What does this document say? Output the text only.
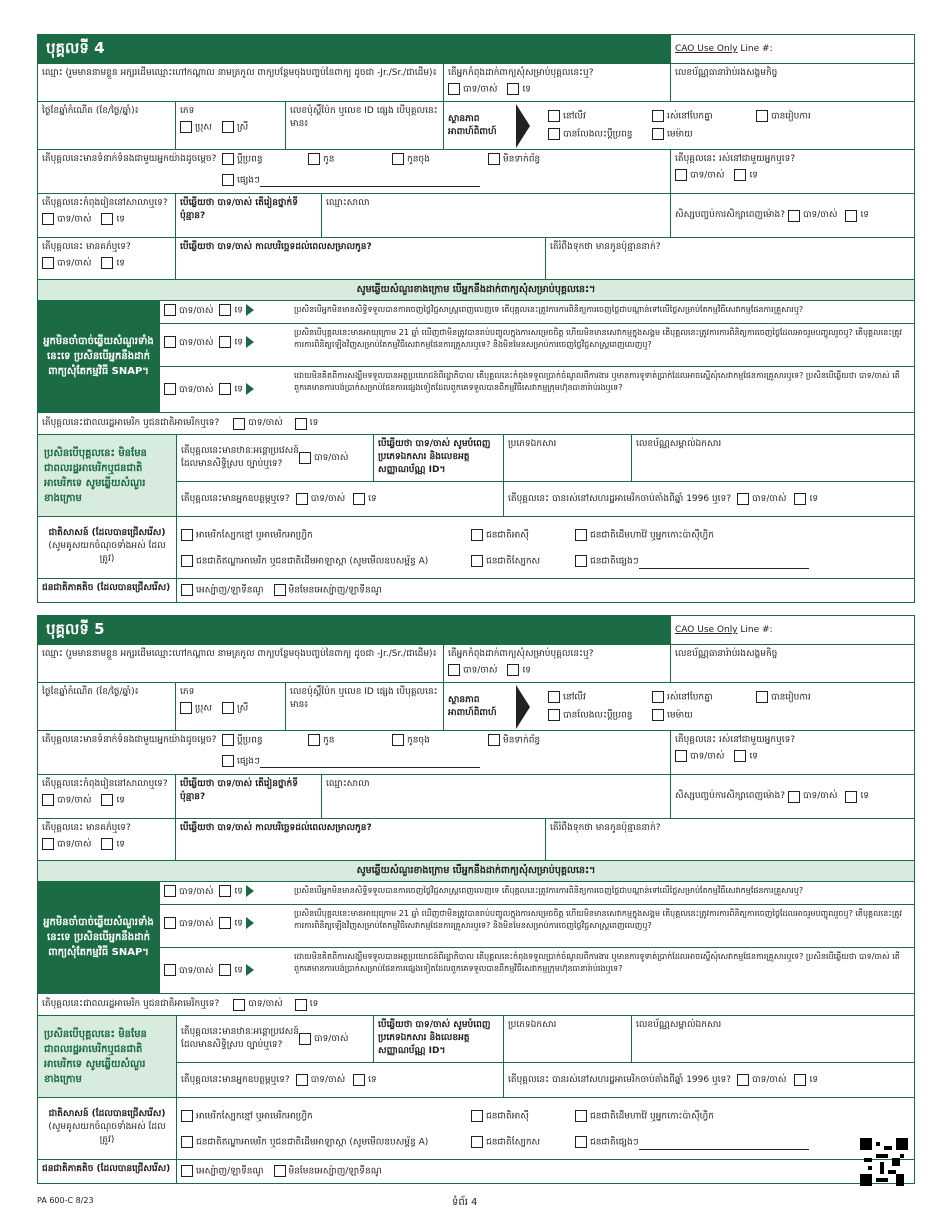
បុគ្គលទី 4	CAO Use Only Line #:
ឈ្មោះ (រួមមាននាមខ្លួន អក្សរដើមឈ្មោះហៅកណ្ដាល នាមត្រកូល ពាក្យបន្ថែមចុងបញ្ចប់នៃពាក្យ ដូចជា -Jr./Sr./ជាដើម)៖	តើអ្នកកំពុងដាក់ពាក្យសុំសម្រាប់បុគ្គលនេះឬ?
បាទ/ចាស់	ទេ
លេខប័ណ្ណធានារ៉ាប់រងសង្គមកិច្ច
ថ្ងៃខែឆ្នាំកំណើត (ខែ/ថ្ងៃ/ឆ្នាំ)៖	ភេទ
ប្រុស	ស្រី
លេខប៉ុស្ដិ៍ប៉ែក ឬលេខ ID ផ្សេង បើបុគ្គលនេះមាន៖
ស្ថានភាពអាពាហ៍ពិពាហ៍
នៅលីវ	រស់នៅបែកគ្នា	បានរៀបការ
បានលែងលះប្ដីប្រពន្ធ	មេម៉ាយ
តើបុគ្គលនេះមានទំនាក់ទំនងជាមួយអ្នកយ៉ាងដូចម្ដេច?	ប្ដីប្រពន្ធ	កូន	កូនចុង	មិនទាក់ព័ន្ធ
ផ្សេងៗ
តើបុគ្គលនេះ រស់នៅជាមួយអ្នកឬទេ?
បាទ/ចាស់	ទេ
តើបុគ្គលនេះកំពុងរៀននៅសាលាឬទេ?
បាទ/ចាស់	ទេ
បើឆ្លើយថា បាទ/ចាស់ តើរៀនថ្នាក់ទីប៉ុន្មាន?
ឈ្មោះសាលា
សិស្សបញ្ចប់ការសិក្សាពេញម៉ោង? បាទ/ចាស់	ទេ
តើបុគ្គលនេះ មានគភ៌ឬទេ?
បាទ/ចាស់	ទេ
បើឆ្លើយថា បាទ/ចាស់ កាលបរិច្ឆេទដល់ពេលសម្រាលកូន?	តើរំពឹងទុកថា មានកូនប៉ុន្មាននាក់?
សូមឆ្លើយសំណួរខាងក្រោម បើអ្នកនឹងដាក់ពាក្យសុំសម្រាប់បុគ្គលនេះ។
អ្នកមិនចាំបាច់ឆ្លើយសំណួរទាំងនេះទេ ប្រសិនបើអ្នកនឹងដាក់ពាក្យសុំតែកម្មវិធី SNAP។
បាទ/ចាស់ ទេ	ប្រសិនបើអ្នកមិនមានសិទ្ធិទទួលបានការចេញថ្លៃវិជ្ជសាស្ត្រពេញលេញទេ តើបុគ្គលនេះត្រូវការការពិនិត្យការចេញថ្លៃជាបណ្ដាន់ទៅលើថ្លៃសម្រាប់តែកម្មវិធីសេវាកម្មផែនការគ្រួសារឬ?
បាទ/ចាស់ ទេ
ប្រសិនបើបុគ្គលនេះមានអាយុក្រោម 21 ឆ្នាំ ឃើញថាមិនត្រូវបានរាប់បញ្ចូលក្នុងការសម្រេចចិត្ត ហើយមិនមានសេវាកម្មក្នុងសង្គម តើបុគ្គលនេះត្រូវការការពិនិត្យការចេញថ្លៃដែលអាចរួមបញ្ចូលរួចឬ? តើបុគ្គលនេះត្រូវការការពិនិត្យឡើងវិញសម្រាប់តែកម្មវិធីសេវាកម្មផែនការគ្រួសារឬទេ? និងមិនមែនសម្រាប់ការចេញថ្លៃវិជ្ជសាស្ត្រពេញលេញឬ?
បាទ/ចាស់ ទេ
ដោយមិនគិតពីការសង្ឃឹមទទួលបានអត្ថប្រយោជន៍ពីរដ្ឋាភិបាល តើបុគ្គលនេះកំពុងទទួលប្រាក់ចំណូលពីការងារ ឬមានការទូទាត់ប្រាក់ដែលអាចស្នើសុំសេវាកម្មផែនការគ្រួសារឬទេ? ប្រសិនបើឆ្លើយថា បាទ/ចាស់ តើពួកគេមានការបង់ប្រាក់សម្រាប់ផែនការផ្សេងទៀតដែលពួកគេទទួលបានពីកម្មវិធីសេវាកម្មក្រុមហ៊ុនធានារ៉ាប់រងឬទេ?
តើបុគ្គលនេះជាពលរដ្ឋអាមេរិក ឬជនជាតិអាមេរិកឬទេ?	បាទ/ចាស់	ទេ
ប្រសិនបើបុគ្គលនេះ មិនមែនជាពលរដ្ឋអាមេរិកឬជនជាតិអាមេរិកទេ សូមឆ្លើយសំណួរខាងក្រោម
តើបុគ្គលនេះមានឋានៈអន្តោប្រវេសន៍ដែលមានសិទ្ធិស្រប ច្បាប់ឬទេ?
បាទ/ចាស់
បើឆ្លើយថា បាទ/ចាស់ សូមបំពេញប្រភេទឯកសារ និងលេខអត្តសញ្ញាណប័ណ្ណ ID។
ប្រភេទឯកសារ	លេខប័ណ្ណសម្គាល់ឯកសារ
តើបុគ្គលនេះមានអ្នកឧបត្ថម្ភឬទេ? បាទ/ចាស់	ទេ	តើបុគ្គលនេះ បានរស់នៅសហរដ្ឋអាមេរិកចាប់តាំងពីឆ្នាំ 1996 ឬទេ? បាទ/ចាស់	ទេ
ជាតិសាសន៍ (ដែលបានជ្រើសរើស)
(សូមគូសយកចំណុចទាំងអស់ ដែលត្រូវ)
អាមេរិកស្បែកខ្មៅ ឬអាមេរិកអាហ្វ្រិក	ជនជាតិអាស៊ី	ជនជាតិដើមហាវ៉ៃ ឬអ្នកកោះប៉ាស៊ីហ្វិក
ជនជាតិឥណ្ឌាអាមេរិក ឬជនជាតិដើមអាឡាស្កា (សូមមើលឧបសម្ព័ន្ធ A)	ជនជាតិស្បែកស	ជនជាតិផ្សេងៗ
ជនជាតិភាគតិច (ដែលបានជ្រើសរើស)	អេស្ប៉ាញ/ឡាទីនណូ	មិនមែនអេស្ប៉ាញ/ឡាទីនណូ
បុគ្គលទី 5	CAO Use Only Line #:
ឈ្មោះ (រួមមាននាមខ្លួន អក្សរដើមឈ្មោះហៅកណ្ដាល នាមត្រកូល ពាក្យបន្ថែមចុងបញ្ចប់នៃពាក្យ ដូចជា -Jr./Sr./ជាដើម)៖	តើអ្នកកំពុងដាក់ពាក្យសុំសម្រាប់បុគ្គលនេះឬ?
បាទ/ចាស់	ទេ
លេខប័ណ្ណធានារ៉ាប់រងសង្គមកិច្ច
ថ្ងៃខែឆ្នាំកំណើត (ខែ/ថ្ងៃ/ឆ្នាំ)៖	ភេទ
ប្រុស	ស្រី
លេខប៉ុស្ដិ៍ប៉ែក ឬលេខ ID ផ្សេង បើបុគ្គលនេះមាន៖
ស្ថានភាពអាពាហ៍ពិពាហ៍
នៅលីវ	រស់នៅបែកគ្នា	បានរៀបការ
បានលែងលះប្ដីប្រពន្ធ	មេម៉ាយ
តើបុគ្គលនេះមានទំនាក់ទំនងជាមួយអ្នកយ៉ាងដូចម្ដេច?	ប្ដីប្រពន្ធ	កូន	កូនចុង	មិនទាក់ព័ន្ធ
ផ្សេងៗ
តើបុគ្គលនេះ រស់នៅជាមួយអ្នកឬទេ?
បាទ/ចាស់	ទេ
តើបុគ្គលនេះកំពុងរៀននៅសាលាឬទេ?
បាទ/ចាស់	ទេ
បើឆ្លើយថា បាទ/ចាស់ តើរៀនថ្នាក់ទីប៉ុន្មាន?
ឈ្មោះសាលា
សិស្សបញ្ចប់ការសិក្សាពេញម៉ោង? បាទ/ចាស់	ទេ
តើបុគ្គលនេះ មានគភ៌ឬទេ?
បាទ/ចាស់	ទេ
បើឆ្លើយថា បាទ/ចាស់ កាលបរិច្ឆេទដល់ពេលសម្រាលកូន?	តើរំពឹងទុកថា មានកូនប៉ុន្មាននាក់?
សូមឆ្លើយសំណួរខាងក្រោម បើអ្នកនឹងដាក់ពាក្យសុំសម្រាប់បុគ្គលនេះ។
អ្នកមិនចាំបាច់ឆ្លើយសំណួរទាំងនេះទេ ប្រសិនបើអ្នកនឹងដាក់ពាក្យសុំតែកម្មវិធី SNAP។
បាទ/ចាស់ ទេ	ប្រសិនបើអ្នកមិនមានសិទ្ធិទទួលបានការចេញថ្លៃវិជ្ជសាស្ត្រពេញលេញទេ តើបុគ្គលនេះត្រូវការការពិនិត្យការចេញថ្លៃជាបណ្ដាន់ទៅលើថ្លៃសម្រាប់តែកម្មវិធីសេវាកម្មផែនការគ្រួសារឬ?
បាទ/ចាស់ ទេ
ប្រសិនបើបុគ្គលនេះមានអាយុក្រោម 21 ឆ្នាំ ឃើញថាមិនត្រូវបានរាប់បញ្ចូលក្នុងការសម្រេចចិត្ត ហើយមិនមានសេវាកម្មក្នុងសង្គម តើបុគ្គលនេះត្រូវការការពិនិត្យការចេញថ្លៃដែលអាចរួមបញ្ចូលរួចឬ? តើបុគ្គលនេះត្រូវការការពិនិត្យឡើងវិញសម្រាប់តែកម្មវិធីសេវាកម្មផែនការគ្រួសារឬទេ? និងមិនមែនសម្រាប់ការចេញថ្លៃវិជ្ជសាស្ត្រពេញលេញឬ?
បាទ/ចាស់ ទេ
ដោយមិនគិតពីការសង្ឃឹមទទួលបានអត្ថប្រយោជន៍ពីរដ្ឋាភិបាល តើបុគ្គលនេះកំពុងទទួលប្រាក់ចំណូលពីការងារ ឬមានការទូទាត់ប្រាក់ដែលអាចស្នើសុំសេវាកម្មផែនការគ្រួសារឬទេ? ប្រសិនបើឆ្លើយថា បាទ/ចាស់ តើពួកគេមានការបង់ប្រាក់សម្រាប់ផែនការផ្សេងទៀតដែលពួកគេទទួលបានពីកម្មវិធីសេវាកម្មក្រុមហ៊ុនធានារ៉ាប់រងឬទេ?
តើបុគ្គលនេះជាពលរដ្ឋអាមេរិក ឬជនជាតិអាមេរិកឬទេ?	បាទ/ចាស់	ទេ
ប្រសិនបើបុគ្គលនេះ មិនមែនជាពលរដ្ឋអាមេរិកឬជនជាតិអាមេរិកទេ សូមឆ្លើយសំណួរខាងក្រោម
តើបុគ្គលនេះមានឋានៈអន្តោប្រវេសន៍ដែលមានសិទ្ធិស្រប ច្បាប់ឬទេ?
បាទ/ចាស់
បើឆ្លើយថា បាទ/ចាស់ សូមបំពេញប្រភេទឯកសារ និងលេខអត្តសញ្ញាណប័ណ្ណ ID។
ប្រភេទឯកសារ	លេខប័ណ្ណសម្គាល់ឯកសារ
តើបុគ្គលនេះមានអ្នកឧបត្ថម្ភឬទេ? បាទ/ចាស់	ទេ	តើបុគ្គលនេះ បានរស់នៅសហរដ្ឋអាមេរិកចាប់តាំងពីឆ្នាំ 1996 ឬទេ? បាទ/ចាស់	ទេ
ជាតិសាសន៍ (ដែលបានជ្រើសរើស)
(សូមគូសយកចំណុចទាំងអស់ ដែលត្រូវ)
អាមេរិកស្បែកខ្មៅ ឬអាមេរិកអាហ្វ្រិក	ជនជាតិអាស៊ី	ជនជាតិដើមហាវ៉ៃ ឬអ្នកកោះប៉ាស៊ីហ្វិក
ជនជាតិឥណ្ឌាអាមេរិក ឬជនជាតិដើមអាឡាស្កា (សូមមើលឧបសម្ព័ន្ធ A)	ជនជាតិស្បែកស	ជនជាតិផ្សេងៗ
ជនជាតិភាគតិច (ដែលបានជ្រើសរើស)	អេស្ប៉ាញ/ឡាទីនណូ	មិនមែនអេស្ប៉ាញ/ឡាទីនណូ
PA 600-C 8/23	ទំព័រ 4
